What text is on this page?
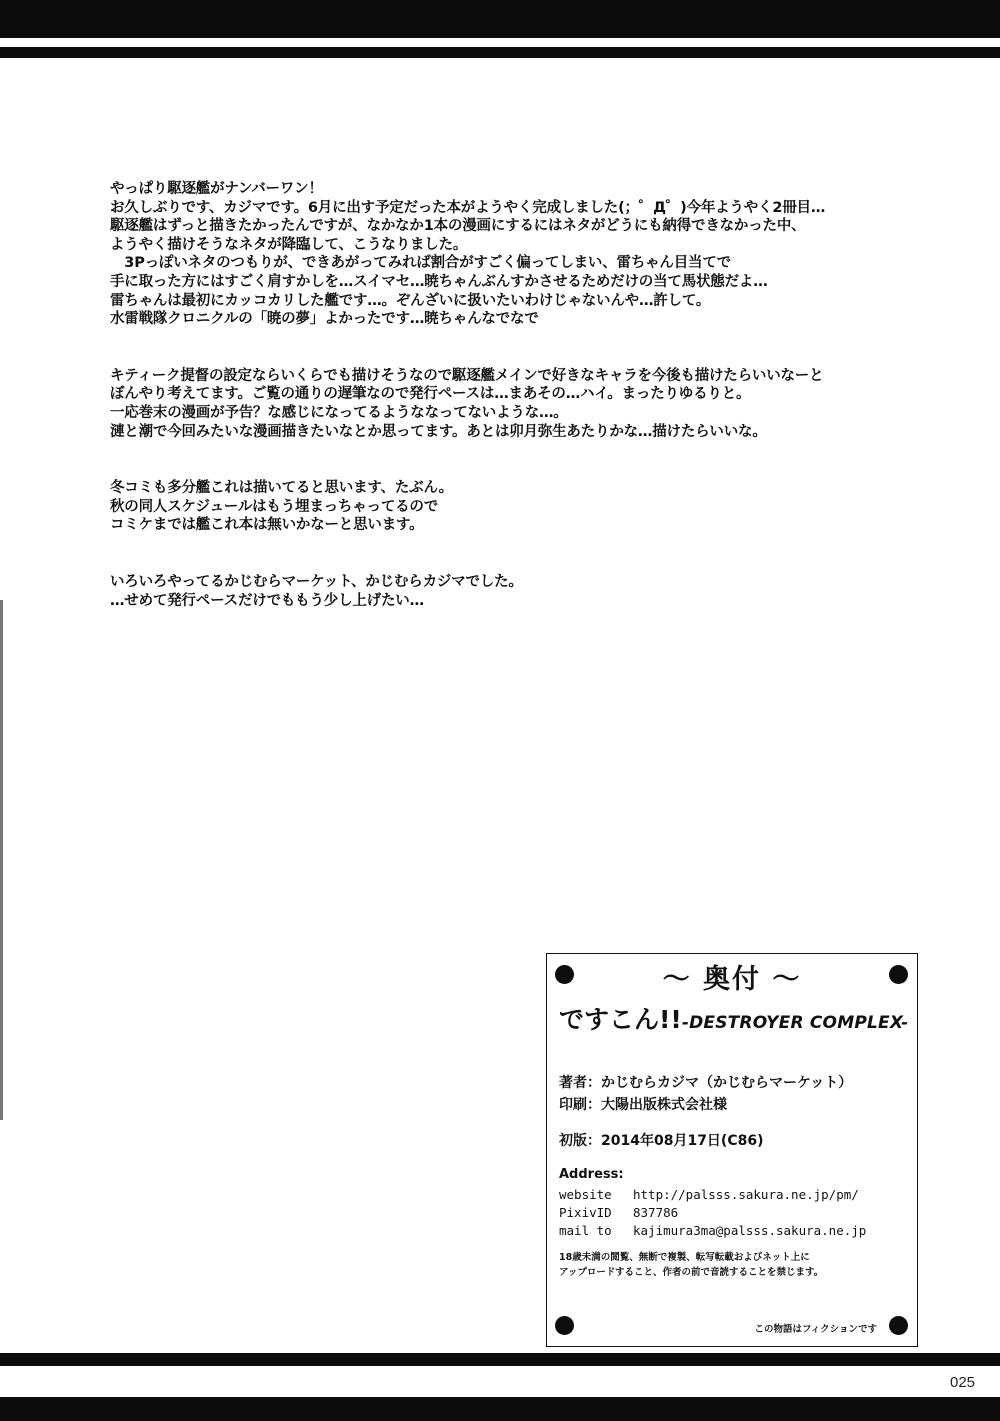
やっぱり駆逐艦がナンバーワン！
お久しぶりです、カジマです。6月に出す予定だった本がようやく完成しました(；゜Д゜)今年ようやく2冊目…
駆逐艦はずっと描きたかったんですが、なかなか1本の漫画にするにはネタがどうにも納得できなかった中、
ようやく描けそうなネタが降臨して、こうなりました。
　3Pっぽいネタのつもりが、できあがってみれば割合がすごく偏ってしまい、雷ちゃん目当てで
手に取った方にはすごく肩すかしを…スイマセ…暁ちゃんぶんすかさせるためだけの当て馬状態だよ…
雷ちゃんは最初にカッコカリした艦です…。ぞんざいに扱いたいわけじゃないんや…許して。
水雷戦隊クロニクルの「暁の夢」よかったです…暁ちゃんなでなで
キティーク提督の設定ならいくらでも描けそうなので駆逐艦メインで好きなキャラを今後も描けたらいいなーと
ぼんやり考えてます。ご覧の通りの遅筆なので発行ペースは…まあその…ハイ。まったりゆるりと。
一応巻末の漫画が予告？な感じになってるようななってないような…。
漣と潮で今回みたいな漫画描きたいなとか思ってます。あとは卯月弥生あたりかな…描けたらいいな。
冬コミも多分艦これは描いてると思います、たぶん。
秋の同人スケジュールはもう埋まっちゃってるので
コミケまでは艦これ本は無いかなーと思います。
いろいろやってるかじむらマーケット、かじむらカジマでした。
…せめて発行ペースだけでももう少し上げたい…
～ 奥付 ～
ですこん!!-DESTROYER COMPLEX-
著者：かじむらカジマ（かじむらマーケット）
印刷：大陽出版株式会社様
初版：2014年08月17日(C86)
Address:
website http://palsss.sakura.ne.jp/pm/
PixivID 837786
mail to kajimura3ma@palsss.sakura.ne.jp
18歳未満の閲覧、無断で複製、転写転載およびネット上に
アップロードすること、作者の前で音読することを禁じます。
この物語はフィクションです
025
